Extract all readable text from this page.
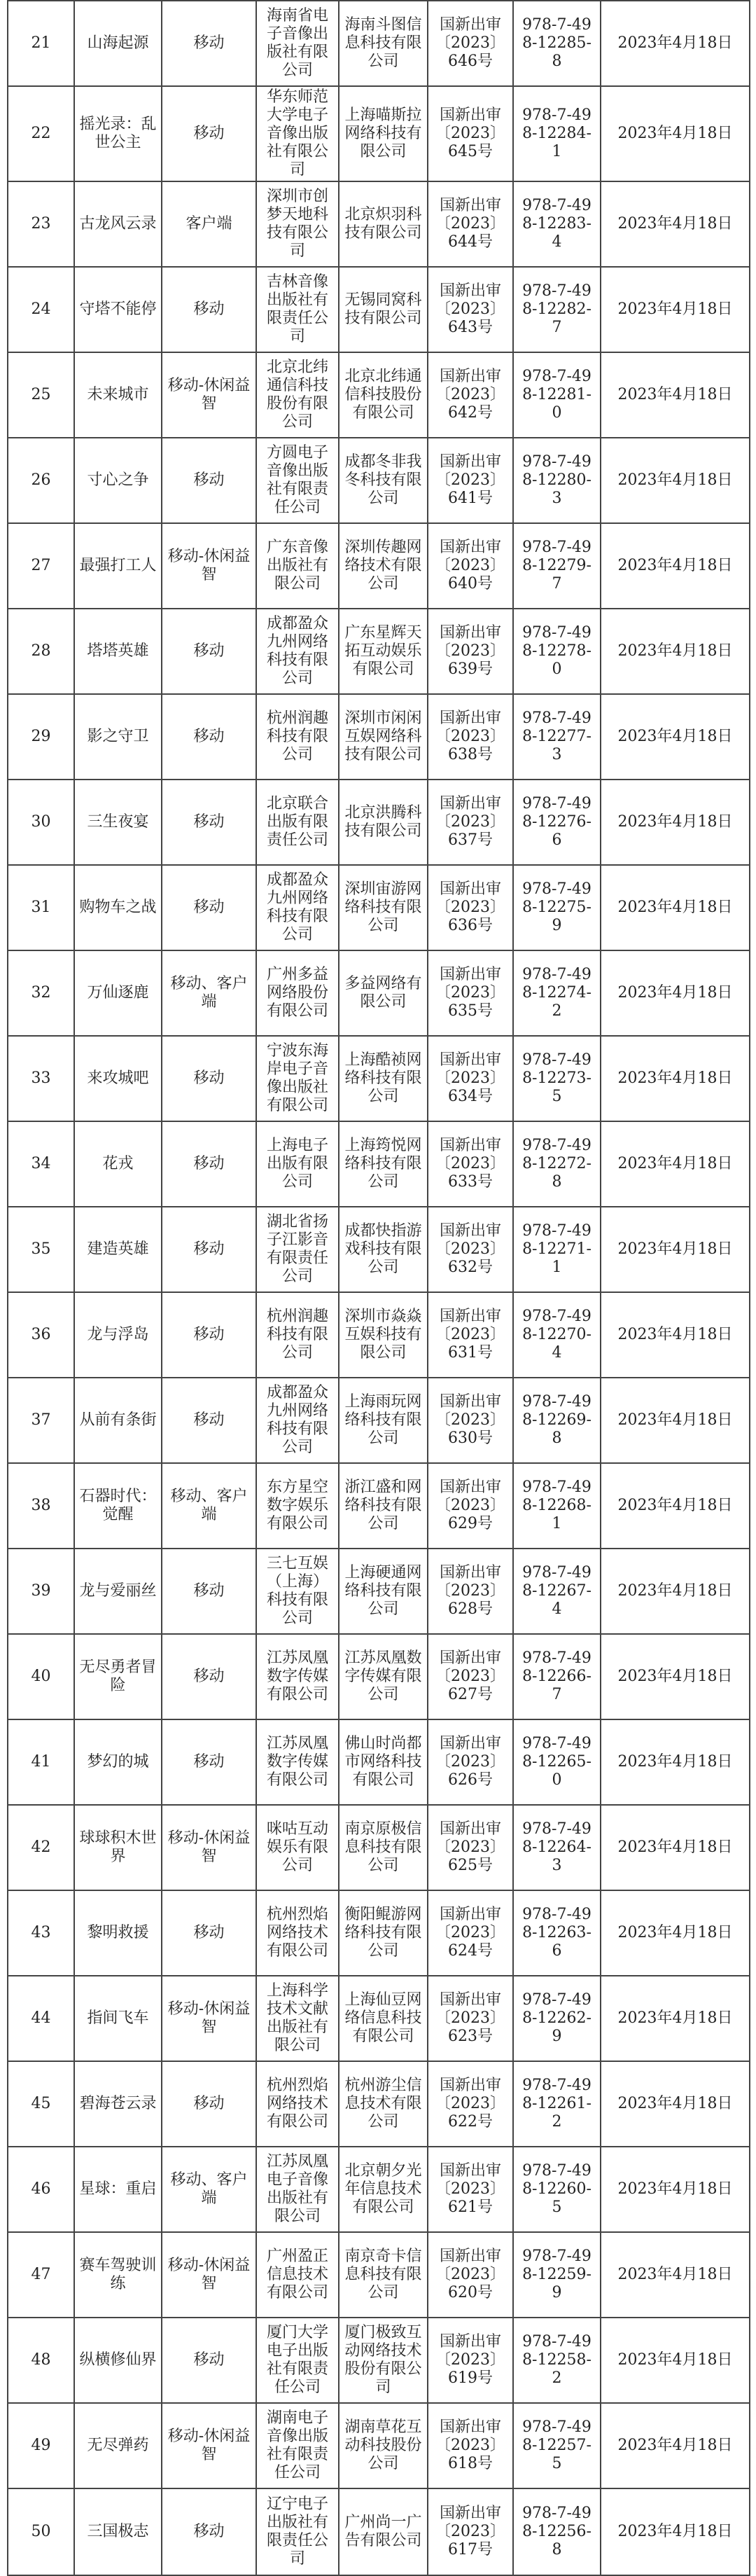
21	山海起源	移动	海南省电子音像出版社有限公司	海南斗图信息科技有限公司	国新出审〔2023〕646号	978-7-498-12285-8	2023年4月18日
22	摇光录：乱世公主	移动	华东师范大学电子音像出版社有限公司	上海喵斯拉网络科技有限公司	国新出审〔2023〕645号	978-7-498-12284-1	2023年4月18日
23	古龙风云录	客户端	深圳市创梦天地科技有限公司	北京炽羽科技有限公司	国新出审〔2023〕644号	978-7-498-12283-4	2023年4月18日
24	守塔不能停	移动	吉林音像出版社有限责任公司	无锡同窝科技有限公司	国新出审〔2023〕643号	978-7-498-12282-7	2023年4月18日
25	未来城市	移动-休闲益智	北京北纬通信科技股份有限公司	北京北纬通信科技股份有限公司	国新出审〔2023〕642号	978-7-498-12281-0	2023年4月18日
26	寸心之争	移动	方圆电子音像出版社有限责任公司	成都冬非我冬科技有限公司	国新出审〔2023〕641号	978-7-498-12280-3	2023年4月18日
27	最强打工人	移动-休闲益智	广东音像出版社有限公司	深圳传趣网络技术有限公司	国新出审〔2023〕640号	978-7-498-12279-7	2023年4月18日
28	塔塔英雄	移动	成都盈众九州网络科技有限公司	广东星辉天拓互动娱乐有限公司	国新出审〔2023〕639号	978-7-498-12278-0	2023年4月18日
29	影之守卫	移动	杭州润趣科技有限公司	深圳市闲闲互娱网络科技有限公司	国新出审〔2023〕638号	978-7-498-12277-3	2023年4月18日
30	三生夜宴	移动	北京联合出版有限责任公司	北京洪腾科技有限公司	国新出审〔2023〕637号	978-7-498-12276-6	2023年4月18日
31	购物车之战	移动	成都盈众九州网络科技有限公司	深圳宙游网络科技有限公司	国新出审〔2023〕636号	978-7-498-12275-9	2023年4月18日
32	万仙逐鹿	移动、客户端	广州多益网络股份有限公司	多益网络有限公司	国新出审〔2023〕635号	978-7-498-12274-2	2023年4月18日
33	来攻城吧	移动	宁波东海岸电子音像出版社有限公司	上海酷祯网络科技有限公司	国新出审〔2023〕634号	978-7-498-12273-5	2023年4月18日
34	花戎	移动	上海电子出版有限公司	上海筠悦网络科技有限公司	国新出审〔2023〕633号	978-7-498-12272-8	2023年4月18日
35	建造英雄	移动	湖北省扬子江影音有限责任公司	成都快指游戏科技有限公司	国新出审〔2023〕632号	978-7-498-12271-1	2023年4月18日
36	龙与浮岛	移动	杭州润趣科技有限公司	深圳市焱焱互娱科技有限公司	国新出审〔2023〕631号	978-7-498-12270-4	2023年4月18日
37	从前有条街	移动	成都盈众九州网络科技有限公司	上海雨玩网络科技有限公司	国新出审〔2023〕630号	978-7-498-12269-8	2023年4月18日
38	石器时代：觉醒	移动、客户端	东方星空数字娱乐有限公司	浙江盛和网络科技有限公司	国新出审〔2023〕629号	978-7-498-12268-1	2023年4月18日
39	龙与爱丽丝	移动	三七互娱（上海）科技有限公司	上海硬通网络科技有限公司	国新出审〔2023〕628号	978-7-498-12267-4	2023年4月18日
40	无尽勇者冒险	移动	江苏凤凰数字传媒有限公司	江苏凤凰数字传媒有限公司	国新出审〔2023〕627号	978-7-498-12266-7	2023年4月18日
41	梦幻的城	移动	江苏凤凰数字传媒有限公司	佛山时尚都市网络科技有限公司	国新出审〔2023〕626号	978-7-498-12265-0	2023年4月18日
42	球球积木世界	移动-休闲益智	咪咕互动娱乐有限公司	南京原极信息科技有限公司	国新出审〔2023〕625号	978-7-498-12264-3	2023年4月18日
43	黎明救援	移动	杭州烈焰网络技术有限公司	衡阳鲲游网络科技有限公司	国新出审〔2023〕624号	978-7-498-12263-6	2023年4月18日
44	指间飞车	移动-休闲益智	上海科学技术文献出版社有限公司	上海仙豆网络信息科技有限公司	国新出审〔2023〕623号	978-7-498-12262-9	2023年4月18日
45	碧海苍云录	移动	杭州烈焰网络技术有限公司	杭州游尘信息技术有限公司	国新出审〔2023〕622号	978-7-498-12261-2	2023年4月18日
46	星球：重启	移动、客户端	江苏凤凰电子音像出版社有限公司	北京朝夕光年信息技术有限公司	国新出审〔2023〕621号	978-7-498-12260-5	2023年4月18日
47	赛车驾驶训练	移动-休闲益智	广州盈正信息技术有限公司	南京奇卡信息科技有限公司	国新出审〔2023〕620号	978-7-498-12259-9	2023年4月18日
48	纵横修仙界	移动	厦门大学电子出版社有限责任公司	厦门极致互动网络技术股份有限公司	国新出审〔2023〕619号	978-7-498-12258-2	2023年4月18日
49	无尽弹药	移动-休闲益智	湖南电子音像出版社有限责任公司	湖南草花互动科技股份公司	国新出审〔2023〕618号	978-7-498-12257-5	2023年4月18日
50	三国极志	移动	辽宁电子出版社有限责任公司	广州尚一广告有限公司	国新出审〔2023〕617号	978-7-498-12256-8	2023年4月18日
